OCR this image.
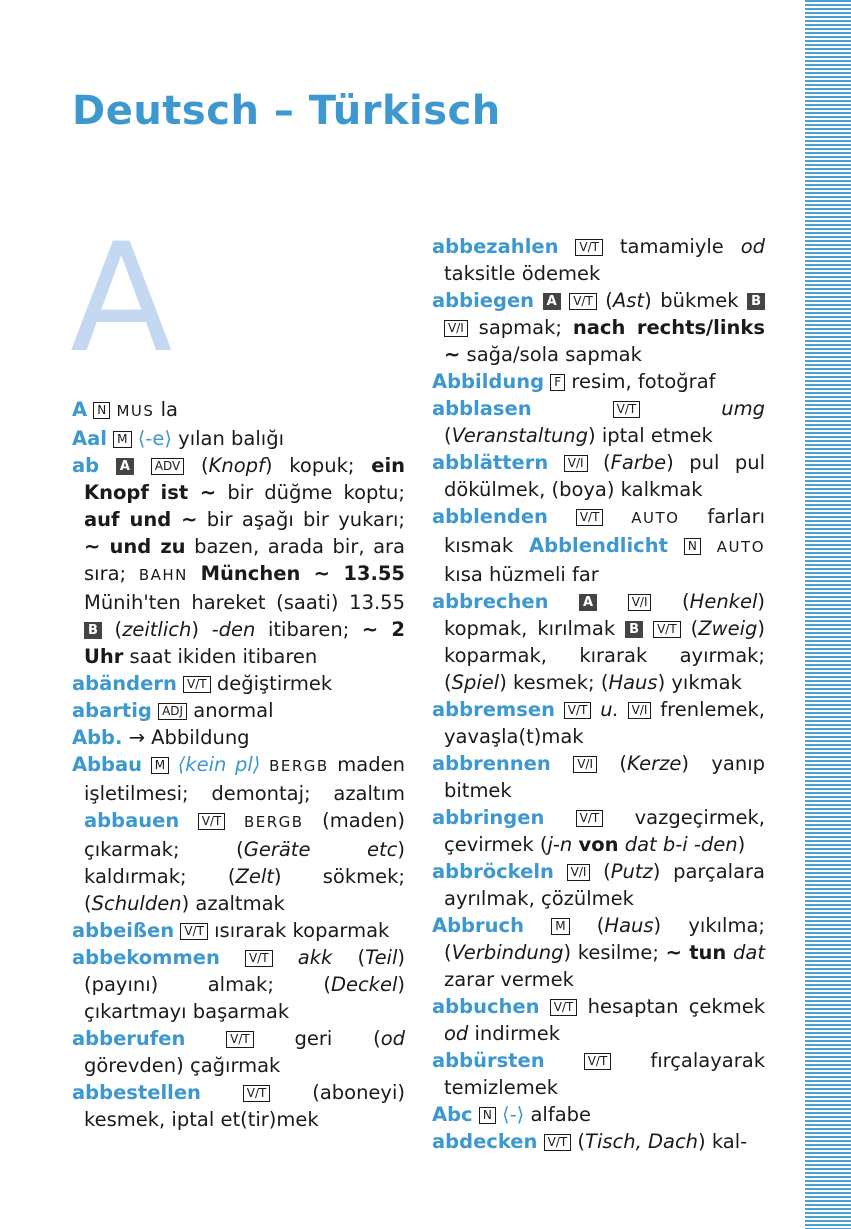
Deutsch – Türkisch
A
A N MUS la
Aal M ⟨-e⟩ yılan balığı
ab A ADV (Knopf) kopuk; ein Knopf ist ~ bir düğme koptu; auf und ~ bir aşağı bir yukarı; ~ und zu bazen, arada bir, ara sıra; BAHN München ~ 13.55 Münih'ten hareket (saati) 13.55 B (zeitlich) -den itibaren; ~ 2 Uhr saat ikiden itibaren
abändern V/T değiştirmek
abartig ADJ anormal
Abb. → Abbildung
Abbau M ⟨kein pl⟩ BERGB maden işletilmesi; demontaj; azaltım abbauen V/T BERGB (maden) çıkarmak; (Geräte etc) kaldırmak; (Zelt) sökmek; (Schulden) azaltmak
abbeißen V/T ısırarak koparmak
abbekommen V/T akk (Teil) (payını) almak; (Deckel) çıkartmayı başarmak
abberufen	V/T geri (od görevden) çağırmak
abbestellen	V/T (aboneyi) kesmek, iptal et(tir)mek
abbezahlen V/T tamamiyle od taksitle ödemek
abbiegen A V/T (Ast) bükmek B V/I sapmak; nach rechts/links ~ sağa/sola sapmak
Abbildung F resim, fotoğraf
abblasen	V/T	umg (Veranstaltung) iptal etmek
abblättern V/I (Farbe) pul pul dökülmek, (boya) kalkmak
abblenden	V/T AUTO farları kısmak Abblendlicht N AUTO kısa hüzmeli far
abbrechen	A	V/I (Henkel) kopmak, kırılmak B V/T (Zweig) koparmak, kırarak ayırmak; (Spiel) kesmek; (Haus) yıkmak
abbremsen V/T u. V/I frenlemek, yavaşla(t)mak
abbrennen V/I (Kerze) yanıp bitmek
abbringen	V/T vazgeçirmek, çevirmek (j-n von dat b-i -den)
abbröckeln V/I (Putz) parçalara ayrılmak, çözülmek
Abbruch	M (Haus) yıkılma; (Verbindung) kesilme; ~ tun dat zarar vermek
abbuchen V/T hesaptan çekmek od indirmek
abbürsten	V/T fırçalayarak temizlemek
Abc N ⟨-⟩ alfabe
abdecken V/T (Tisch, Dach) kal-
